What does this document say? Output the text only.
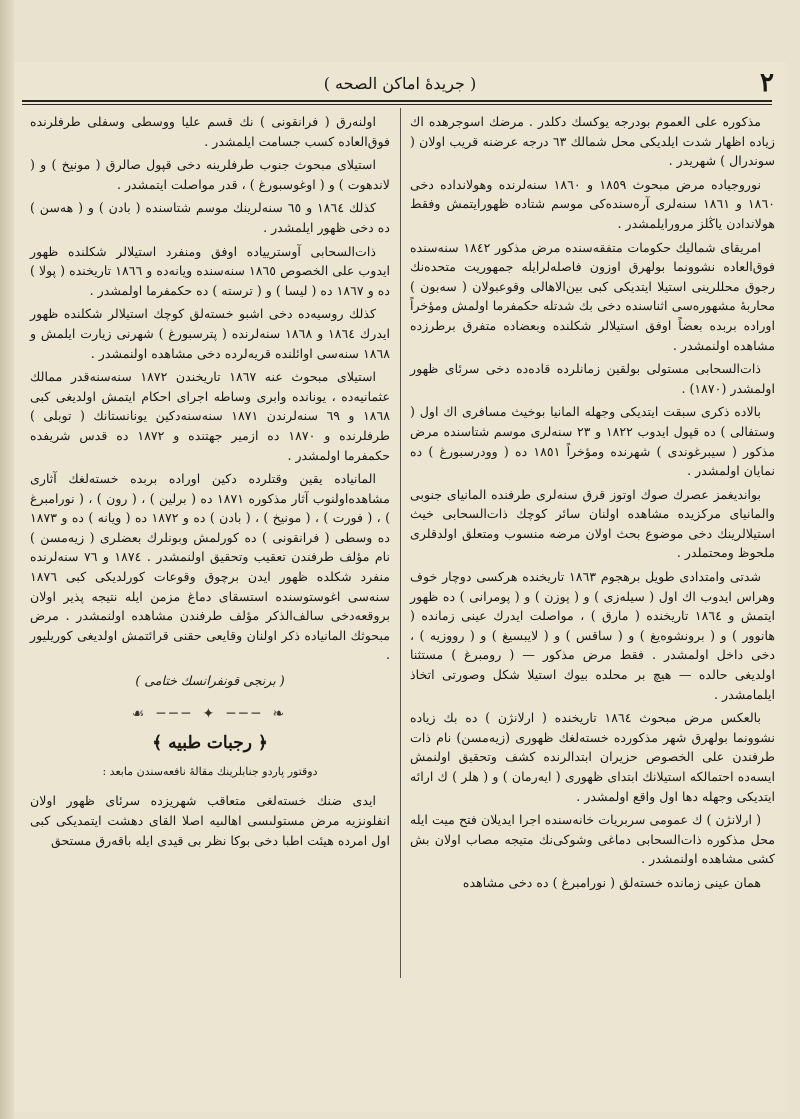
٢
( جريدهٔ اماكن الصحه )

مذكوره على العموم بودرجه يوكسك دكلدر . مرضك اسوجرهده اك زياده اظهار شدت ايلديكى محل شمالك ٦٣ درجه عرضنه قريب اولان ( سوندرال ) شهريدر .

نوروجياده مرض مبحوث ١٨٥٩ و ١٨٦٠ سنه‌لرنده وهولانداده دخى ١٨٦٠ و ١٨٦١ سنه‌لرى آره‌سنده‌كى موسم شتاده ظهورايتمش وفقط هولاندادن ياڭلز مرورايلمشدر .

امريقاى شماليك حكومات متفقه‌سنده مرض مذكور ١٨٤٢ سنه‌سنده فوق‌العاده نشوونما بولهرق اوزون فاصله‌لرايله جمهوريت متحده‌نك رجوق محللرينى استيلا ايتديكى كبى بين‌الاهالى وقوعبولان ( سه‌بون ) محاربهٔ مشهوره‌سى اثناسنده دخى بك شدتله حكمفرما اولمش ومؤخراً اوراده بربده بعضاً اوفق استيلالر شكلنده وبعضاده متفرق برطرزده مشاهده اولنمشدر .

ذات‌السحابى مستولى بولقين زمانلرده قاده‌ده دخى سرئاى ظهور اولمشدر (١٨٧٠) .

بالاده ذكرى سبقت ايتديكى وجهله المانيا بوخيث مسافرى اك اول ( وستفالى ) ده قپول ايدوب ١٨٢٢ و ٢٣ سنه‌لرى موسم شتاسنده مرض مذكور ( سيبرغوندى ) شهرنده ومؤخراً ١٨٥١ ده ( وودرسبورغ ) ده نمايان اولمشدر .

بوانديغمز عصرك صوك اوتوز قرق سنه‌لرى طرفنده المانياى جنوبى والمانياى مركزيده مشاهده اولنان سائر كوچك ذات‌السحابى خيث استيلالرينك دخى موضوع بحث اولان مرضه منسوب ومتعلق اولدقلرى ملحوظ ومحتملدر .

شدتى وامتدادى طويل برهجوم ١٨٦٣ تاريخنده هركسى دوچار خوف وهراس ايدوب اك اول ( سيله‌زى ) و ( پوزن ) و ( پومرانى ) ده ظهور ايتمش و ١٨٦٤ تاريخنده ( مارق ) ، مواصلت ايدرك عينى زمانده ( هانوور ) و ( برونشوه‌يغ ) و ( ساقس ) و ( لايبسيغ ) و ( رووزيه ) ، دخى داخل اولمشدر . فقط مرض مذكور — ( رومبرغ ) مستثنا اولديغى حالده — هيچ بر محلده بيوك استيلا شكل وصورتى اتخاذ ايلمامشدر .

بالعكس مرض مبحوث ١٨٦٤ تاريخنده ( ارلانژن ) ده بك زياده نشوونما بولهرق شهر مذكورده خسته‌لغك ظهورى (زيه‌مسن) نام ذات طرفندن على الخصوص حزيران ابتدالرنده كشف وتحقيق اولنمش ايسه‌ده احتمالكه استيلانك ابتداى ظهورى ( ايه‌رمان ) و ( هلر ) ك ارائه ايتديكى وجهله دها اول واقع اولمشدر .

( ارلانژن ) ك عمومى سربريات خانه‌سنده اجرا ايديلان فتح ميت ايله محل مذكوره ذات‌السحابى دماغى وشوكى‌نك متيجه مصاب اولان بش كشى مشاهده اولنمشدر .

همان عينى زمانده خسته‌لق ( نورامبرغ ) ده دخى مشاهده

اولنه‌رق ( فرانقونى ) نك قسم عليا ووسطى وسفلى طرفلرنده فوق‌العاده كسب جسامت ايلمشدر .

استيلاى مبحوث جنوب طرفلرينه دخى قپول صالرق ( مونيخ ) و ( لاندهوت ) و ( اوغوسبورغ ) ، قدر مواصلت ايتمشدر .

كذلك ١٨٦٤ و ٦٥ سنه‌لرينك موسم شتاسنده ( بادن ) و ( هه‌سن ) ده دخى ظهور ايلمشدر .

ذات‌السحابى آوستريياده اوفق ومنفرد استيلالر شكلنده ظهور ايدوب على الخصوص ١٨٦٥ سنه‌سنده ويانه‌ده و ١٨٦٦ تاريخنده ( پولا ) ده و ١٨٦٧ ده ( ليسا ) و ( ترسته ) ده حكمفرما اولمشدر .

كذلك روسيه‌ده دخى اشبو خسته‌لق كوچك استيلالر شكلنده ظهور ايدرك ١٨٦٤ و ١٨٦٨ سنه‌لرنده ( پترسبورغ ) شهرنى زيارت ايلمش و ١٨٦٨ سنه‌سى اوائلنده قريه‌لرده دخى مشاهده اولنمشدر .

استيلاى مبحوث عنه ١٨٦٧ تاريخندن ١٨٧٢ سنه‌سنه‌قدر ممالك عثمانيه‌ده ، يونانده وابرى وساطه اجراى احكام ايتمش اولديغى كبى ١٨٦٨ و ٦٩ سنه‌لرندن ١٨٧١ سنه‌سنه‌دكين يونانستانك ( توبلى ) طرفلرنده و ١٨٧٠ ده ازمير جهتنده و ١٨٧٢ ده قدس شريفده حكمفرما اولمشدر .

المانياده يقين وقتلرده دكين اوراده بربده خسته‌لغك آثارى مشاهده‌اولنوب آثار مذكوره ١٨٧١ ده ( برلين ) ، ( رون ) ، ( نورامبرغ ) ، ( فورت ) ، ( مونيخ ) ، ( بادن ) ده و ١٨٧٢ ده ( ويانه ) ده و ١٨٧٣ ده وسطى ( فرانقونى ) ده كورلمش وبونلرك بعضلرى ( زيه‌مسن ) نام مؤلف طرفندن تعقيب وتحقيق اولنمشدر . ١٨٧٤ و ٧٦ سنه‌لرنده منفرد شكلده ظهور ايدن برچوق وقوعات كورلديكى كبى ١٨٧٦ سنه‌سى اغوستوسنده استسقاى دماغ مزمن ايله نتيجه پذير اولان بروقعه‌دخى سالف‌الذكر مؤلف طرفندن مشاهده اولنمشدر . مرض مبحوثك المانياده ذكر اولنان وقايعى حقنى قرائتمش اولديغى كوريليور .

( برنجى قونفرانسك ختامى )
❧ ─── ✦ ─── ☙
﴿ رجبات طبيه ﴾
دوقتور پاردو جنابلرينك مقاله‌ٔ نافعه‌سندن مابعد :

ايدى ضنك خسته‌لغى متعاقب شهريزده سرئاى ظهور اولان انفلونزيه مرض مستولىسى اهالىيه اصلا القاى دهشت ايتمديكى كبى اول امرده هيئت اطبا دخى بوكا نظر بى قيدى ايله باقه‌رق مستحق
